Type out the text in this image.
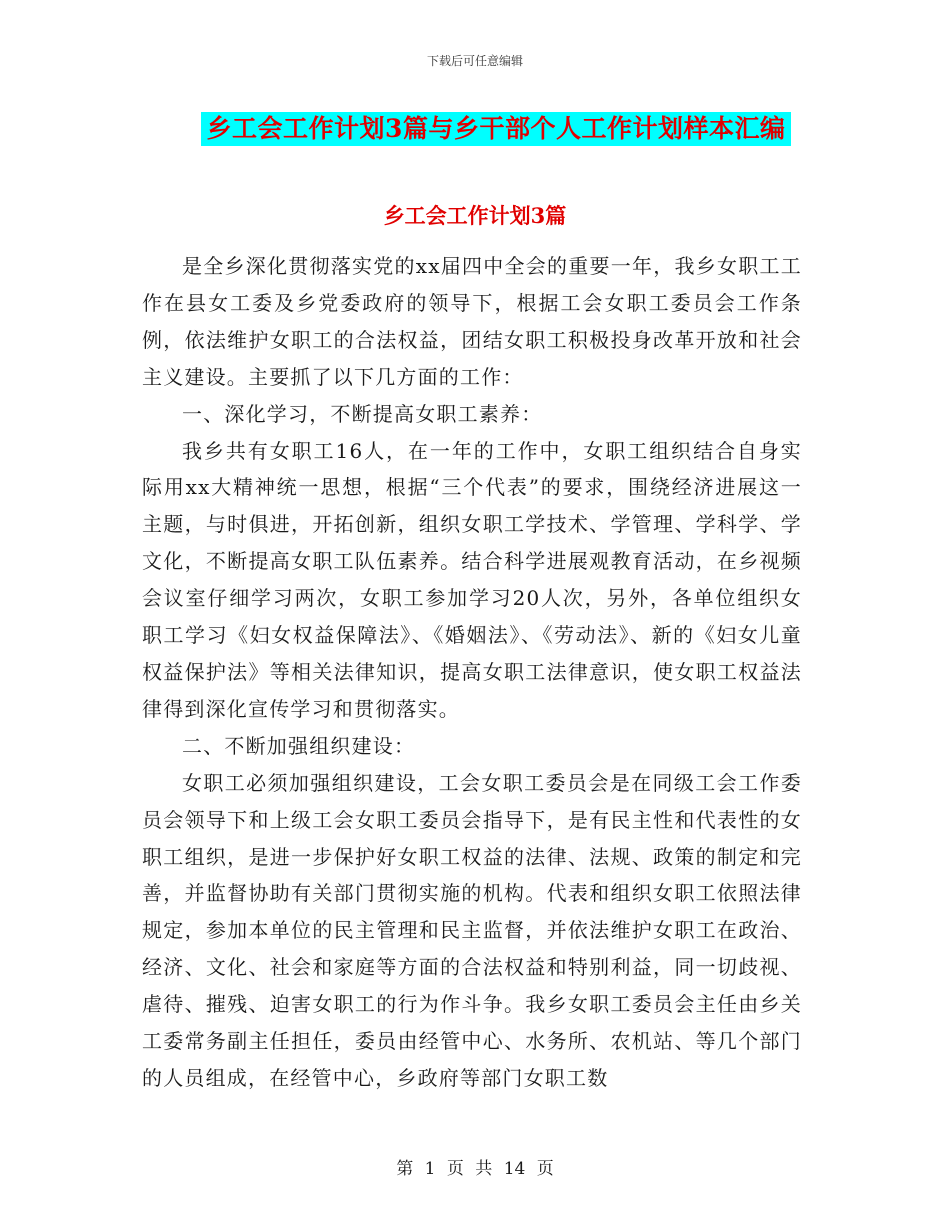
下载后可任意编辑
乡工会工作计划3篇与乡干部个人工作计划样本汇编
乡工会工作计划3篇

是全乡深化贯彻落实党的xx届四中全会的重要一年，我乡女职工工作在县女工委及乡党委政府的领导下，根据工会女职工委员会工作条例，依法维护女职工的合法权益，团结女职工积极投身改革开放和社会主义建设。主要抓了以下几方面的工作：

一、深化学习，不断提高女职工素养：

我乡共有女职工16人，在一年的工作中，女职工组织结合自身实际用xx大精神统一思想，根据“三个代表”的要求，围绕经济进展这一主题，与时俱进，开拓创新，组织女职工学技术、学管理、学科学、学文化，不断提高女职工队伍素养。结合科学进展观教育活动，在乡视频会议室仔细学习两次，女职工参加学习20人次，另外，各单位组织女职工学习《妇女权益保障法》、《婚姻法》、《劳动法》、新的《妇女儿童权益保护法》等相关法律知识，提高女职工法律意识，使女职工权益法律得到深化宣传学习和贯彻落实。

二、不断加强组织建设：

女职工必须加强组织建设，工会女职工委员会是在同级工会工作委员会领导下和上级工会女职工委员会指导下，是有民主性和代表性的女职工组织，是进一步保护好女职工权益的法律、法规、政策的制定和完善，并监督协助有关部门贯彻实施的机构。代表和组织女职工依照法律规定，参加本单位的民主管理和民主监督，并依法维护女职工在政治、经济、文化、社会和家庭等方面的合法权益和特别利益，同一切歧视、虐待、摧残、迫害女职工的行为作斗争。我乡女职工委员会主任由乡关工委常务副主任担任，委员由经管中心、水务所、农机站、等几个部门的人员组成，在经管中心，乡政府等部门女职工数

第 1 页 共 14 页
